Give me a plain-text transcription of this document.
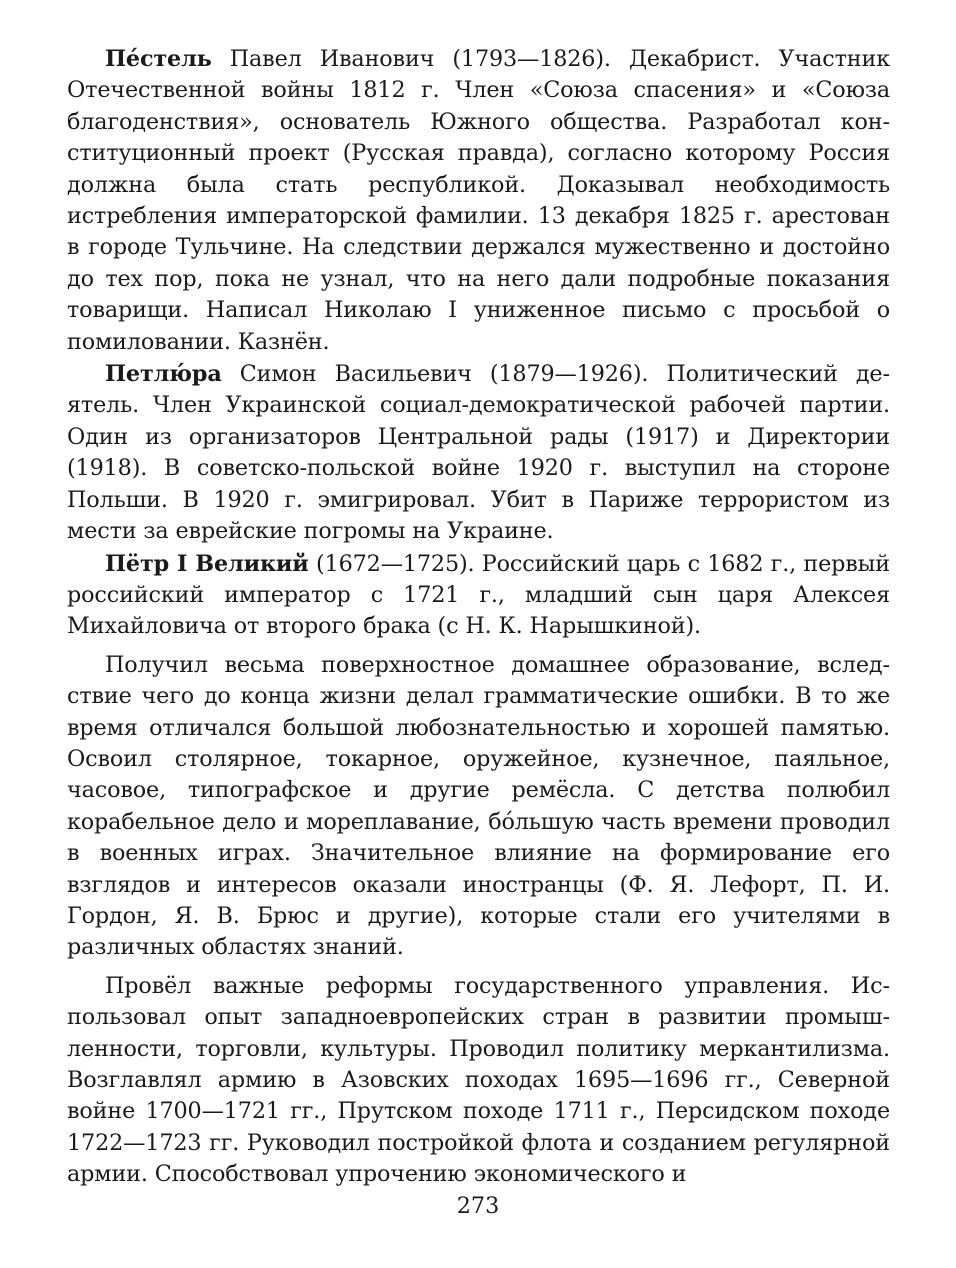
Пе́стель Павел Иванович (1793—1826). Декабрист. Участник Отечественной войны 1812 г. Член «Союза спасения» и «Союза благоденствия», основатель Южного общества. Разработал конституционный проект (Русская правда), согласно которому Россия должна была стать республикой. Доказывал необходимость истребления императорской фамилии. 13 декабря 1825 г. арестован в городе Тульчине. На следствии держался мужественно и достойно до тех пор, пока не узнал, что на него дали подробные показания товарищи. Написал Николаю I униженное письмо с просьбой о помиловании. Казнён.

Петлю́ра Симон Васильевич (1879—1926). Политический деятель. Член Украинской социал-демократической рабочей партии. Один из организаторов Центральной рады (1917) и Директории (1918). В советско-польской войне 1920 г. выступил на стороне Польши. В 1920 г. эмигрировал. Убит в Париже террористом из мести за еврейские погромы на Украине.

Пётр I Великий (1672—1725). Российский царь с 1682 г., первый российский император с 1721 г., младший сын царя Алексея Михайловича от второго брака (с Н. К. Нарышкиной).

Получил весьма поверхностное домашнее образование, вследствие чего до конца жизни делал грамматические ошибки. В то же время отличался большой любознательностью и хорошей памятью. Освоил столярное, токарное, оружейное, кузнечное, паяльное, часовое, типографское и другие ремёсла. С детства полюбил корабельное дело и мореплавание, бо́льшую часть времени проводил в военных играх. Значительное влияние на формирование его взглядов и интересов оказали иностранцы (Ф. Я. Лефорт, П. И. Гордон, Я. В. Брюс и другие), которые стали его учителями в различных областях знаний.

Провёл важные реформы государственного управления. Использовал опыт западноевропейских стран в развитии промышленности, торговли, культуры. Проводил политику меркантилизма. Возглавлял армию в Азовских походах 1695—1696 гг., Северной войне 1700—1721 гг., Прутском походе 1711 г., Персидском походе 1722—1723 гг. Руководил постройкой флота и созданием регулярной армии. Способствовал упрочению экономического и

273
